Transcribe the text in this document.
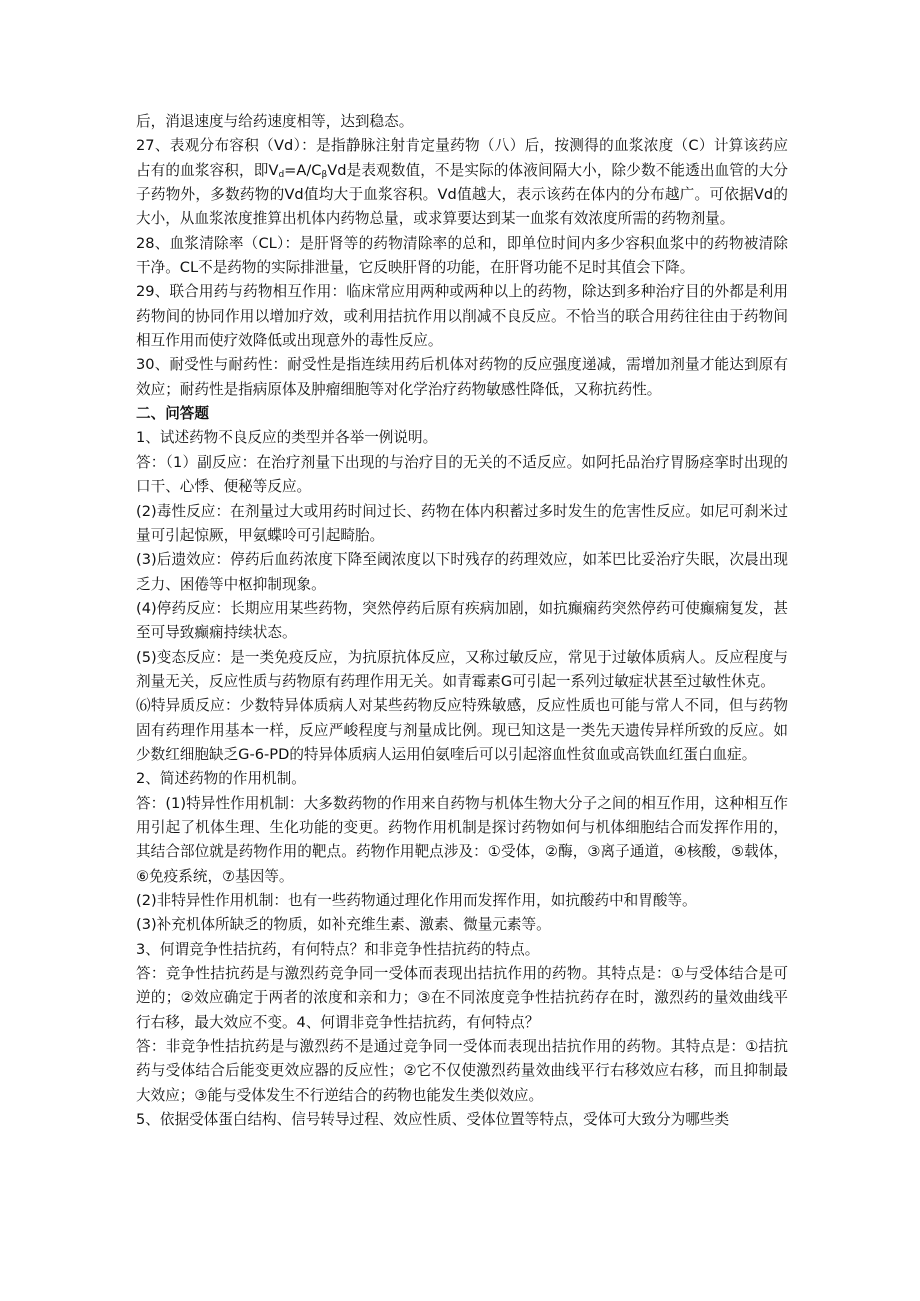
后，消退速度与给药速度相等，达到稳态。

27、表观分布容积（Vd）：是指静脉注射肯定量药物（八）后，按测得的血浆浓度（C）计算该药应占有的血浆容积，即$V_d=A/C_\beta Vd$是表观数值，不是实际的体液间隔大小，除少数不能透出血管的大分子药物外，多数药物的Vd值均大于血浆容积。Vd值越大，表示该药在体内的分布越广。可依据Vd的大小，从血浆浓度推算出机体内药物总量，或求算要达到某一血浆有效浓度所需的药物剂量。

28、血浆清除率（CL）：是肝肾等的药物清除率的总和，即单位时间内多少容积血浆中的药物被清除干净。CL不是药物的实际排泄量，它反映肝肾的功能，在肝肾功能不足时其值会下降。

29、联合用药与药物相互作用：临床常应用两种或两种以上的药物，除达到多种治疗目的外都是利用药物间的协同作用以增加疗效，或利用拮抗作用以削减不良反应。不恰当的联合用药往往由于药物间相互作用而使疗效降低或出现意外的毒性反应。

30、耐受性与耐药性：耐受性是指连续用药后机体对药物的反应强度递减，需增加剂量才能达到原有效应；耐药性是指病原体及肿瘤细胞等对化学治疗药物敏感性降低，又称抗药性。

二、问答题

1、试述药物不良反应的类型并各举一例说明。

答：（1）副反应：在治疗剂量下出现的与治疗目的无关的不适反应。如阿托品治疗胃肠痉挛时出现的口干、心悸、便秘等反应。

(2)毒性反应：在剂量过大或用药时间过长、药物在体内积蓄过多时发生的危害性反应。如尼可刹米过量可引起惊厥，甲氨蝶呤可引起畸胎。

(3)后遗效应：停药后血药浓度下降至阈浓度以下时残存的药理效应，如苯巴比妥治疗失眠，次晨出现乏力、困倦等中枢抑制现象。

(4)停药反应：长期应用某些药物，突然停药后原有疾病加剧，如抗癫痫药突然停药可使癫痫复发，甚至可导致癫痫持续状态。

(5)变态反应：是一类免疫反应，为抗原抗体反应，又称过敏反应，常见于过敏体质病人。反应程度与剂量无关，反应性质与药物原有药理作用无关。如青霉素G可引起一系列过敏症状甚至过敏性休克。

⑹特异质反应：少数特异体质病人对某些药物反应特殊敏感，反应性质也可能与常人不同，但与药物固有药理作用基本一样，反应严峻程度与剂量成比例。现已知这是一类先天遗传异样所致的反应。如少数红细胞缺乏G-6-PD的特异体质病人运用伯氨喹后可以引起溶血性贫血或高铁血红蛋白血症。

2、简述药物的作用机制。

答：(1)特异性作用机制：大多数药物的作用来自药物与机体生物大分子之间的相互作用，这种相互作用引起了机体生理、生化功能的变更。药物作用机制是探讨药物如何与机体细胞结合而发挥作用的，其结合部位就是药物作用的靶点。药物作用靶点涉及：①受体，②酶，③离子通道，④核酸，⑤载体，⑥免疫系统，⑦基因等。

(2)非特异性作用机制：也有一些药物通过理化作用而发挥作用，如抗酸药中和胃酸等。

(3)补充机体所缺乏的物质，如补充维生素、激素、微量元素等。

3、何谓竞争性拮抗药，有何特点？和非竞争性拮抗药的特点。

答：竞争性拮抗药是与激烈药竞争同一受体而表现出拮抗作用的药物。其特点是：①与受体结合是可逆的；②效应确定于两者的浓度和亲和力；③在不同浓度竞争性拮抗药存在时，激烈药的量效曲线平行右移，最大效应不变。4、何谓非竞争性拮抗药，有何特点？

答：非竞争性拮抗药是与激烈药不是通过竞争同一受体而表现出拮抗作用的药物。其特点是：①拮抗药与受体结合后能变更效应器的反应性；②它不仅使激烈药量效曲线平行右移效应右移，而且抑制最大效应；③能与受体发生不行逆结合的药物也能发生类似效应。

5、依据受体蛋白结构、信号转导过程、效应性质、受体位置等特点，受体可大致分为哪些类
